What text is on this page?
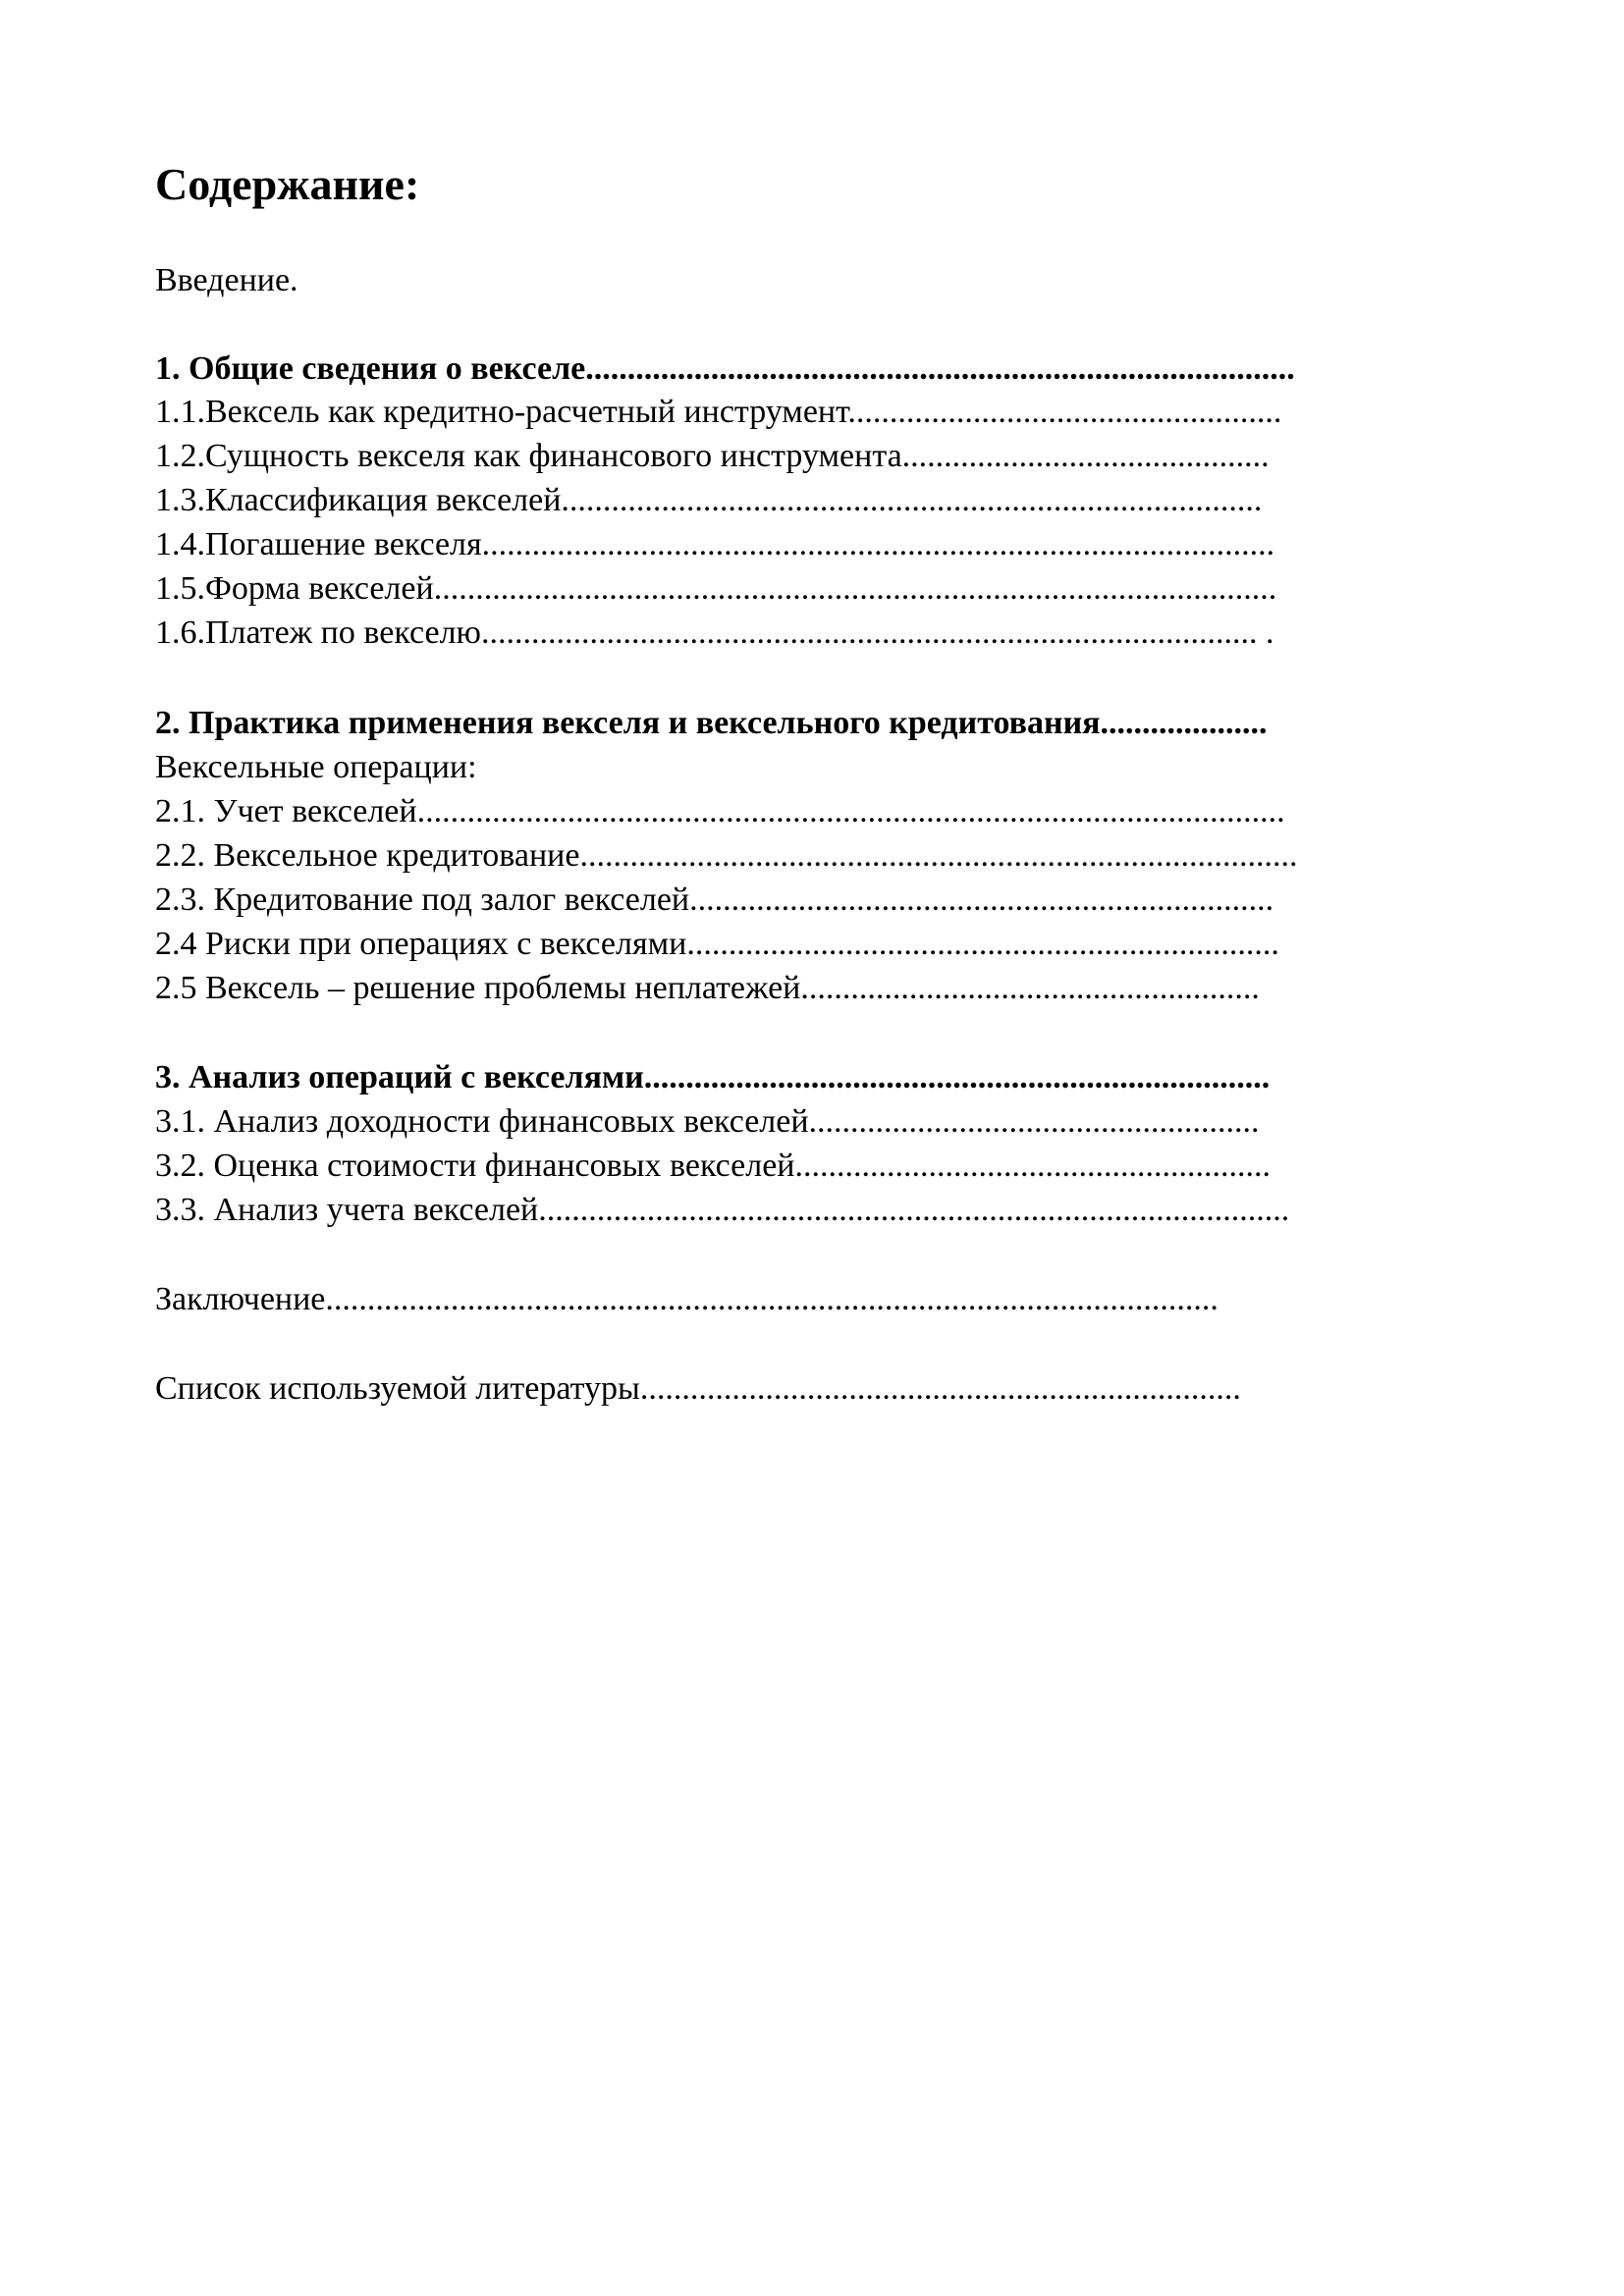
Содержание:
Введение.
1. Общие сведения о векселе.....................................................................................
1.1.Вексель как кредитно-расчетный инструмент....................................................
1.2.Сущность векселя как финансового инструмента............................................
1.3.Классификация векселей....................................................................................
1.4.Погашение векселя...............................................................................................
1.5.Форма векселей.....................................................................................................
1.6.Платеж по векселю............................................................................................. .
2. Практика применения векселя и вексельного кредитования....................
Вексельные операции:
2.1. Учет векселей........................................................................................................
2.2. Вексельное кредитование......................................................................................
2.3. Кредитование под залог векселей......................................................................
2.4 Риски при операциях с векселями.......................................................................
2.5 Вексель – решение проблемы неплатежей.......................................................
3. Анализ операций с векселями...........................................................................
3.1. Анализ доходности финансовых векселей......................................................
3.2. Оценка стоимости финансовых векселей.........................................................
3.3. Анализ учета векселей..........................................................................................
Заключение...........................................................................................................
Список используемой литературы........................................................................
